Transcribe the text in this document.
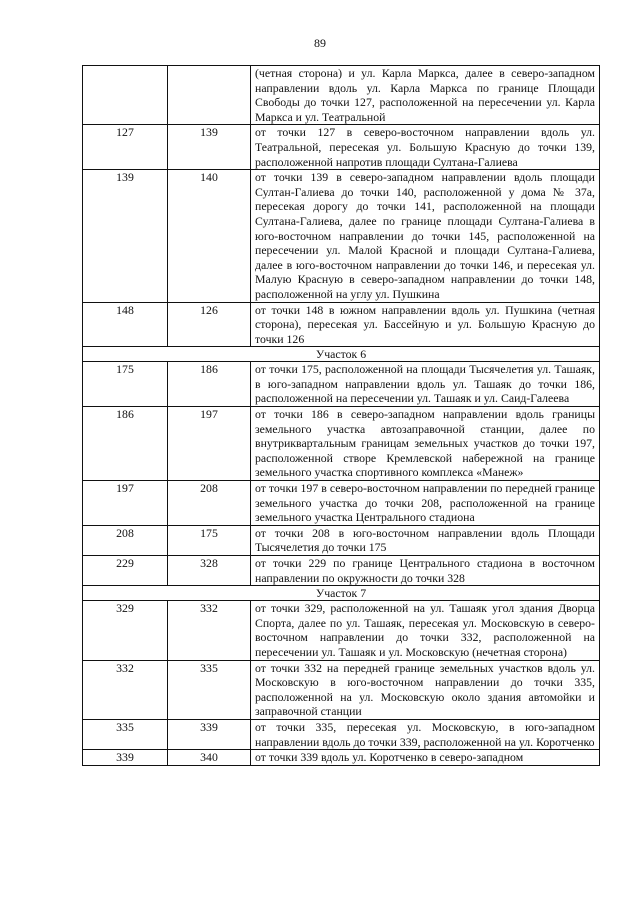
89
		(четная сторона) и ул. Карла Маркса, далее в северо-западном направлении вдоль ул. Карла Маркса по границе Площади Свободы до точки 127, расположенной на пересечении ул. Карла Маркса и ул. Театральной
127	139	от точки 127 в северо-восточном направлении вдоль ул. Театральной, пересекая ул. Большую Красную до точки 139, расположенной напротив площади Султана-Галиева
139	140	от точки 139 в северо-западном направлении вдоль площади Султан-Галиева до точки 140, расположенной у дома № 37а, пересекая дорогу до точки 141, расположенной на площади Султана-Галиева, далее по границе площади Султана-Галиева в юго-восточном направлении до точки 145, расположенной на пересечении ул. Малой Красной и площади Султана-Галиева, далее в юго-восточном направлении до точки 146, и пересекая ул. Малую Красную в северо-западном направлении до точки 148, расположенной на углу ул. Пушкина
148	126	от точки 148 в южном направлении вдоль ул. Пушкина (четная сторона), пересекая ул. Бассейную и ул. Большую Красную до точки 126
Участок 6		
175	186	от точки 175, расположенной на площади Тысячелетия ул. Ташаяк, в юго-западном направлении вдоль ул. Ташаяк до точки 186, расположенной на пересечении ул. Ташаяк и ул. Саид-Галеева
186	197	от точки 186 в северо-западном направлении вдоль границы земельного участка автозаправочной станции, далее по внутриквартальным границам земельных участков до точки 197, расположенной створе Кремлевской набережной на границе земельного участка спортивного комплекса «Манеж»
197	208	от точки 197 в северо-восточном направлении по передней границе земельного участка до точки 208, расположенной на границе земельного участка Центрального стадиона
208	175	от точки 208 в юго-восточном направлении вдоль Площади Тысячелетия до точки 175
229	328	от точки 229 по границе Центрального стадиона в восточном направлении по окружности до точки 328
Участок 7		
329	332	от точки 329, расположенной на ул. Ташаяк угол здания Дворца Спорта, далее по ул. Ташаяк, пересекая ул. Московскую в северо-восточном направлении до точки 332, расположенной на пересечении ул. Ташаяк и ул. Московскую (нечетная сторона)
332	335	от точки 332 на передней границе земельных участков вдоль ул. Московскую в юго-восточном направлении до точки 335, расположенной на ул. Московскую около здания автомойки и заправочной станции
335	339	от точки 335, пересекая ул. Московскую, в юго-западном направлении вдоль до точки 339, расположенной на ул. Коротченко
339	340	от точки 339 вдоль ул. Коротченко в северо-западном
